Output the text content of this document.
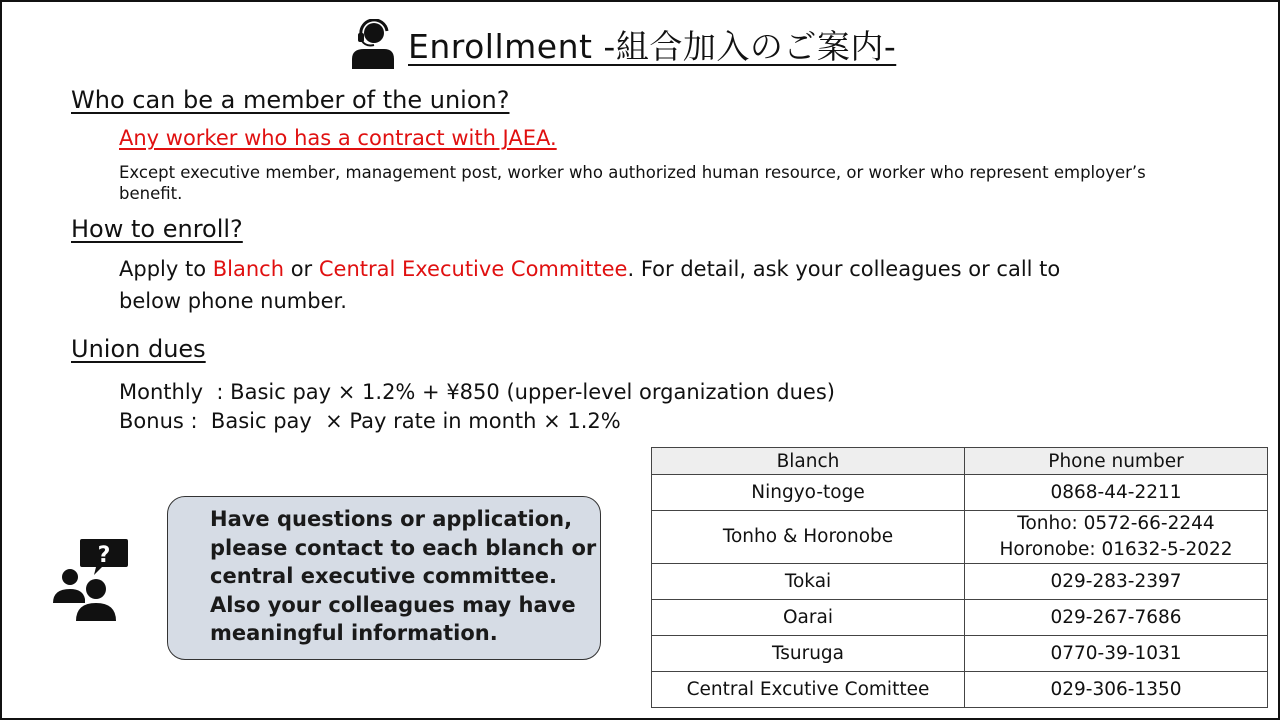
Enrollment -組合加入のご案内-
Who can be a member of the union?
Any worker who has a contract with JAEA.
Except executive member, management post, worker who authorized human resource, or worker who represent employer’s benefit.
How to enroll?
Apply to Blanch or Central Executive Committee. For detail, ask your colleagues or call to
below phone number.
Union dues
Monthly  : Basic pay × 1.2% + ¥850 (upper-level organization dues)
Bonus :  Basic pay  × Pay rate in month × 1.2%
?
Have questions or application, please contact to each blanch or central executive committee. Also your colleagues may have meaningful information.
Blanch	Phone number
Ningyo-toge	0868-44-2211
Tonho & Horonobe	Tonho: 0572-66-2244
Horonobe: 01632-5-2022

Tokai	029-283-2397
Oarai	029-267-7686
Tsuruga	0770-39-1031
Central Excutive Comittee	029-306-1350
